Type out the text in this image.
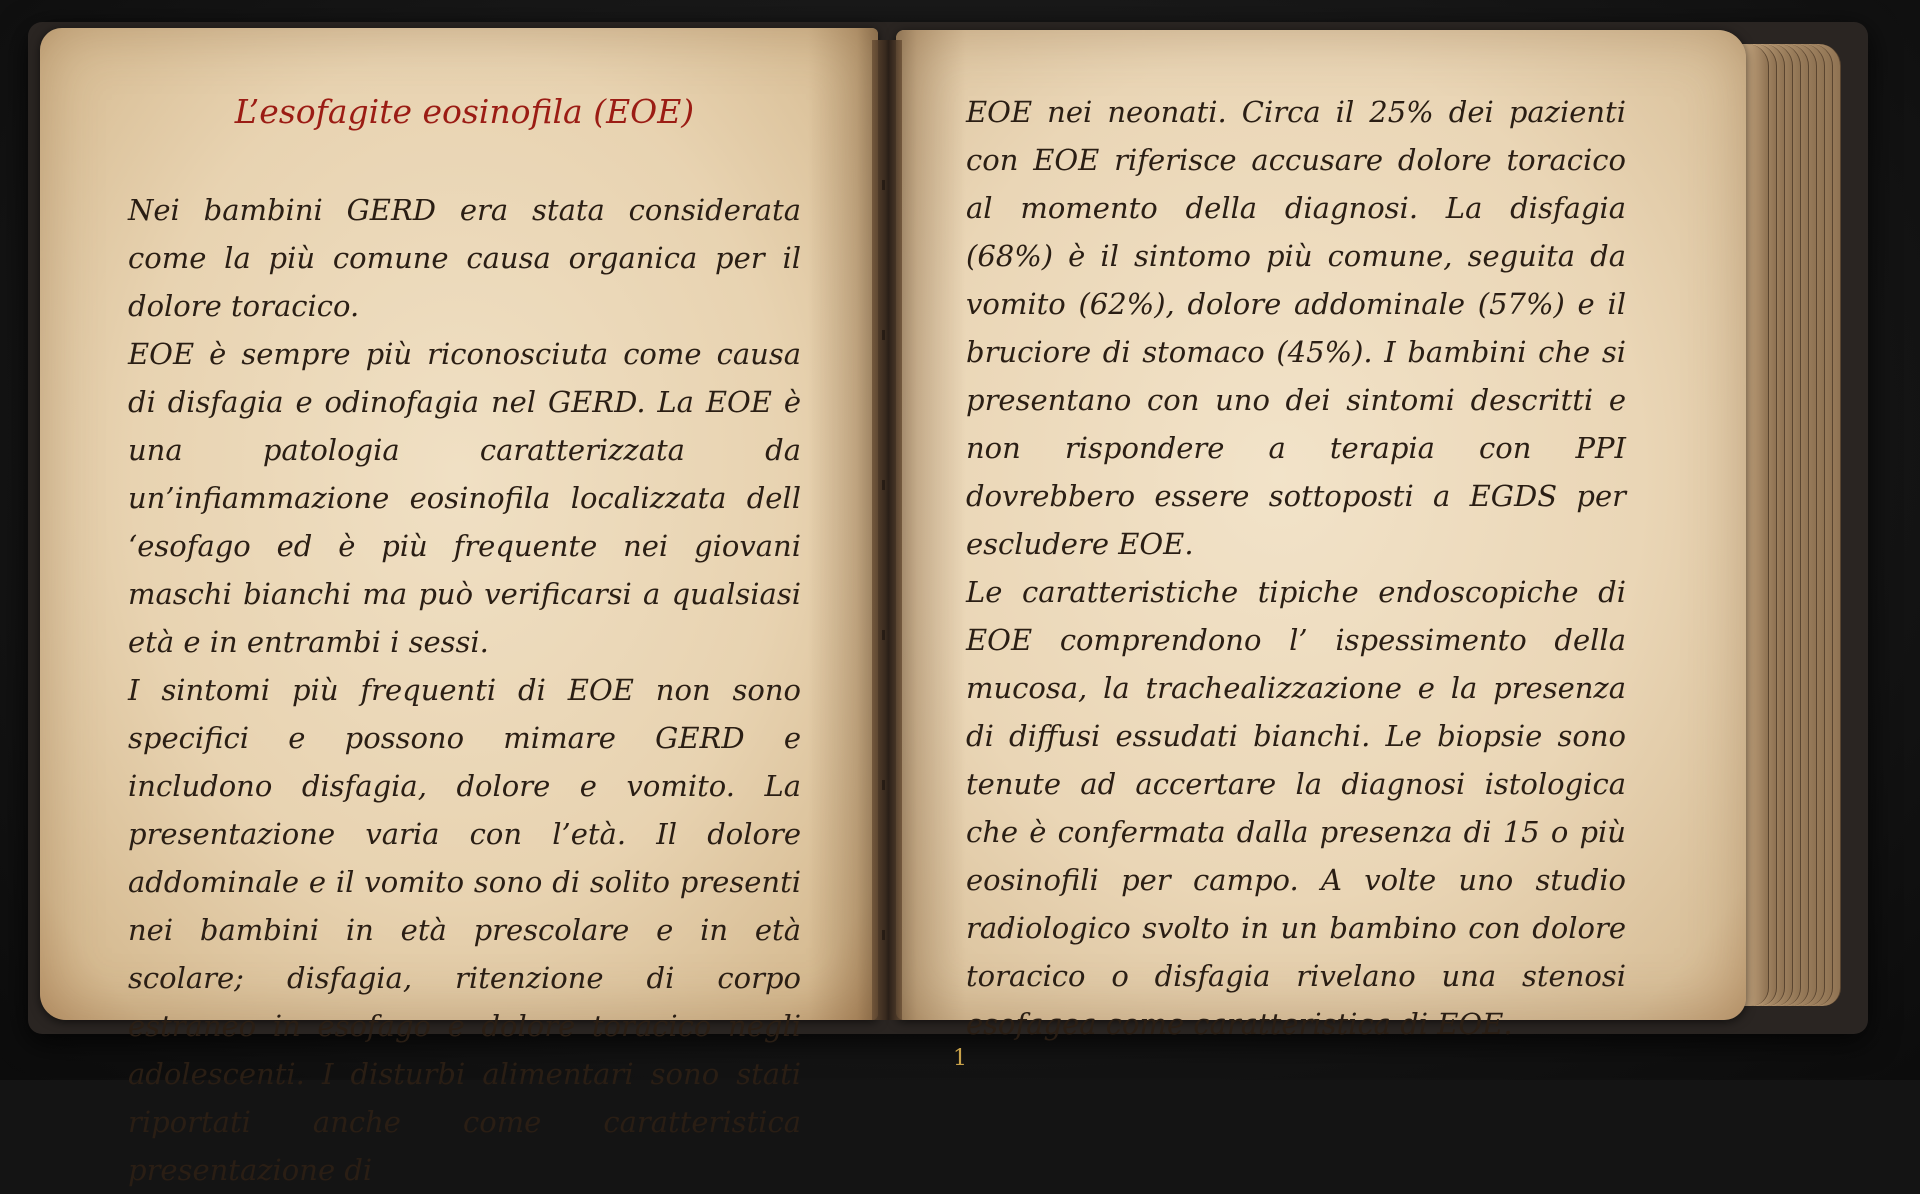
L’esofagite eosinofila (EOE)

Nei bambini GERD era stata considerata come la più comune causa organica per il dolore toracico.

EOE è sempre più riconosciuta come causa di disfagia e odinofagia nel GERD. La EOE è una patologia caratterizzata da un’infiammazione eosinofila localizzata dell ‘esofago ed è più frequente nei giovani maschi bianchi ma può verificarsi a qualsiasi età e in entrambi i sessi.

I sintomi più frequenti di EOE non sono specifici e possono mimare GERD e includono disfagia, dolore e vomito. La presentazione varia con l’età. Il dolore addominale e il vomito sono di solito presenti nei bambini in età prescolare e in età scolare; disfagia, ritenzione di corpo estraneo in esofago e dolore toracico negli adolescenti. I disturbi alimentari sono stati riportati anche come caratteristica presentazione di

EOE nei neonati. Circa il 25% dei pazienti con EOE riferisce accusare dolore toracico al momento della diagnosi. La disfagia (68%) è il sintomo più comune, seguita da vomito (62%), dolore addominale (57%) e il bruciore di stomaco (45%). I bambini che si presentano con uno dei sintomi descritti e non rispondere a terapia con PPI dovrebbero essere sottoposti a EGDS per escludere EOE.

Le caratteristiche tipiche endoscopiche di EOE comprendono l’ ispessimento della mucosa, la trachealizzazione e la presenza di diffusi essudati bianchi. Le biopsie sono tenute ad accertare la diagnosi istologica che è confermata dalla presenza di 15 o più eosinofili per campo. A volte uno studio radiologico svolto in un bambino con dolore toracico o disfagia rivelano una stenosi esofagea come caratteristica di EOE.

1
